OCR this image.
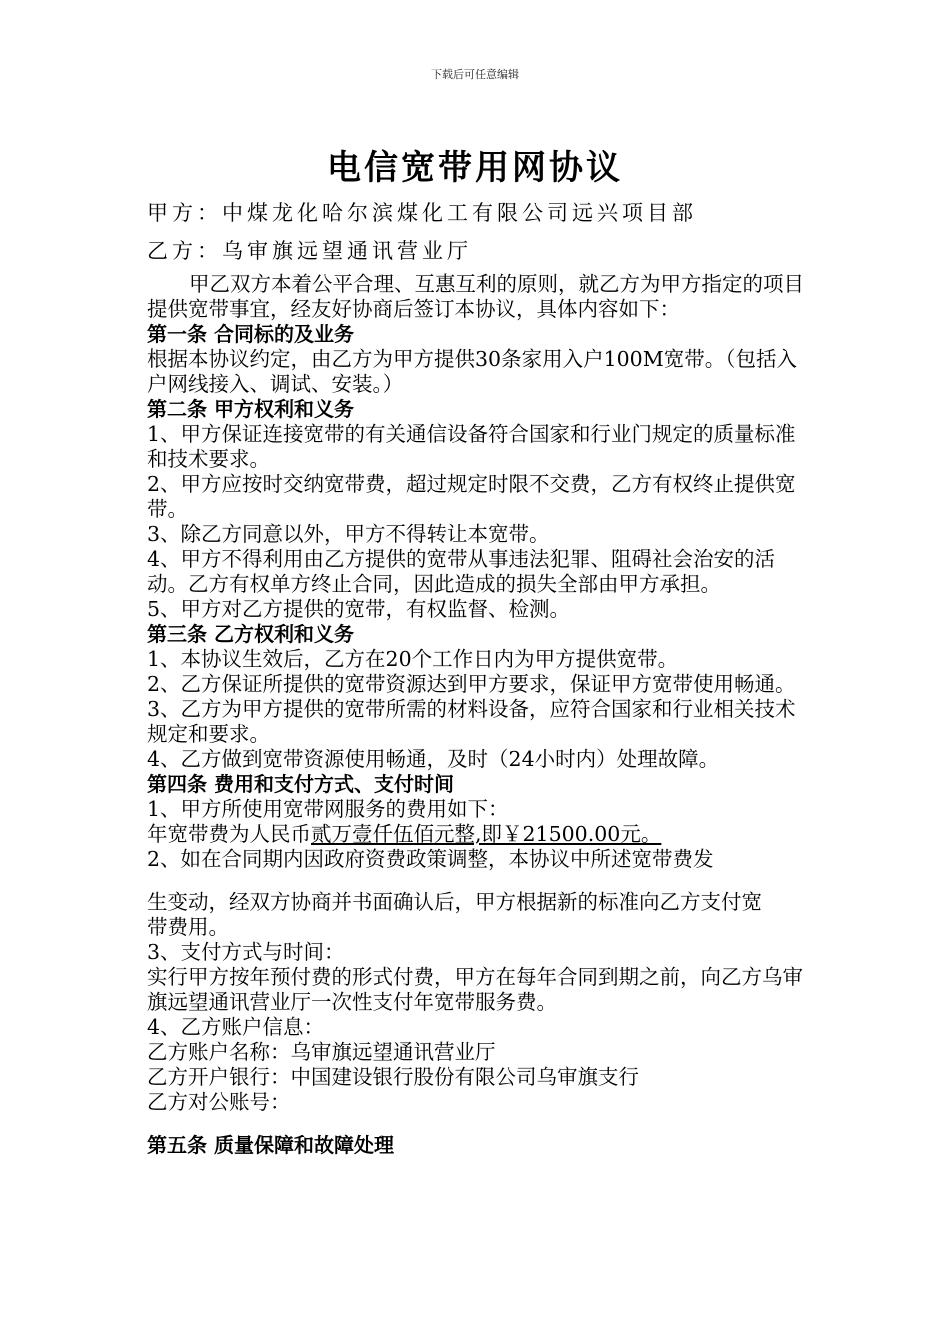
下载后可任意编辑
电信宽带用网协议
甲方：中煤龙化哈尔滨煤化工有限公司远兴项目部
乙方：乌审旗远望通讯营业厅

甲乙双方本着公平合理、互惠互利的原则，就乙方为甲方指定的项目提供宽带事宜，经友好协商后签订本协议，具体内容如下：

第一条 合同标的及业务

根据本协议约定，由乙方为甲方提供30条家用入户100M宽带。（包括入户网线接入、调试、安装。）

第二条 甲方权利和义务

1、甲方保证连接宽带的有关通信设备符合国家和行业门规定的质量标准和技术要求。

2、甲方应按时交纳宽带费，超过规定时限不交费，乙方有权终止提供宽带。

3、除乙方同意以外，甲方不得转让本宽带。

4、甲方不得利用由乙方提供的宽带从事违法犯罪、阻碍社会治安的活动。乙方有权单方终止合同，因此造成的损失全部由甲方承担。

5、甲方对乙方提供的宽带，有权监督、检测。

第三条 乙方权利和义务

1、本协议生效后，乙方在20个工作日内为甲方提供宽带。

2、乙方保证所提供的宽带资源达到甲方要求，保证甲方宽带使用畅通。

3、乙方为甲方提供的宽带所需的材料设备，应符合国家和行业相关技术规定和要求。

4、乙方做到宽带资源使用畅通，及时（24小时内）处理故障。

第四条 费用和支付方式、支付时间

1、甲方所使用宽带网服务的费用如下：

年宽带费为人民币贰万壹仟伍佰元整,即￥21500.00元。

2、如在合同期内因政府资费政策调整，本协议中所述宽带费发

生变动，经双方协商并书面确认后，甲方根据新的标准向乙方支付宽

带费用。

3、支付方式与时间：

实行甲方按年预付费的形式付费，甲方在每年合同到期之前，向乙方乌审旗远望通讯营业厅一次性支付年宽带服务费。

4、乙方账户信息：

乙方账户名称：乌审旗远望通讯营业厅

乙方开户银行：中国建设银行股份有限公司乌审旗支行

乙方对公账号：

第五条 质量保障和故障处理
